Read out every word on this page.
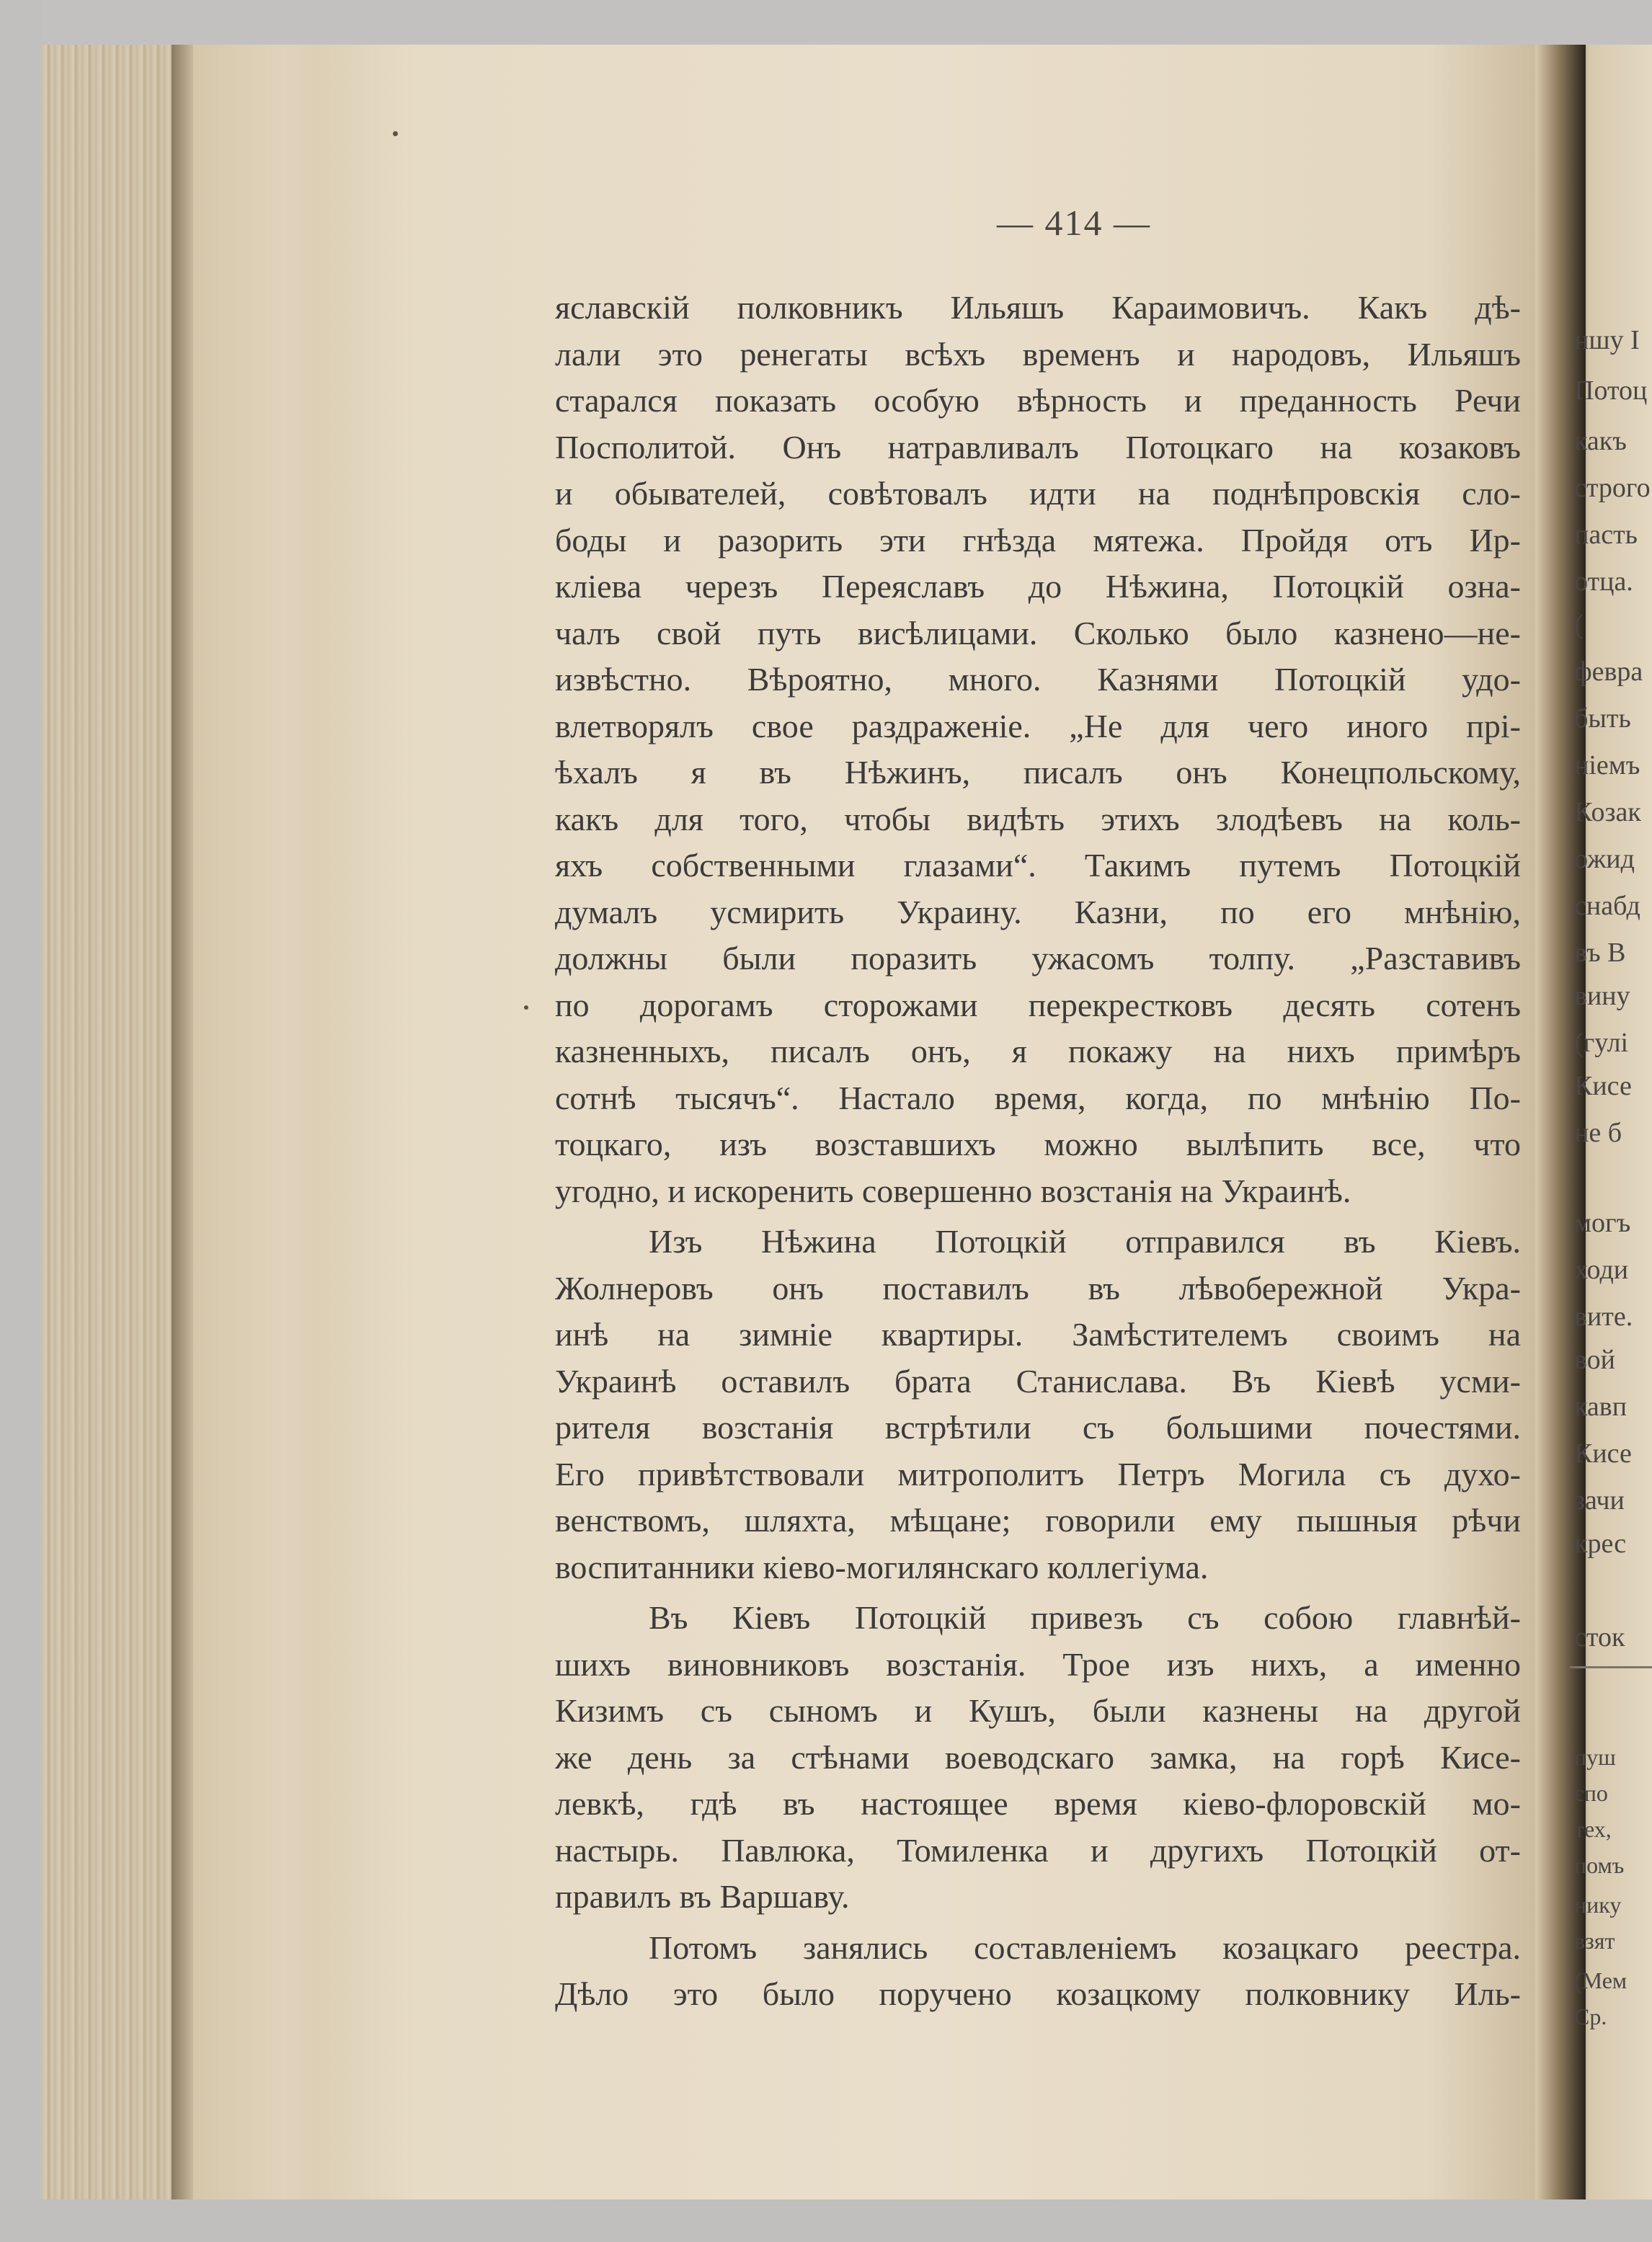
— 414 —
яславскій полковникъ Ильяшъ Караимовичъ. Какъ дѣ-
лали это ренегаты всѣхъ временъ и народовъ, Ильяшъ
старался показать особую вѣрность и преданность Речи
Посполитой. Онъ натравливалъ Потоцкаго на козаковъ
и обывателей, совѣтовалъ идти на поднѣпровскія сло-
боды и разорить эти гнѣзда мятежа. Пройдя отъ Ир-
клiева черезъ Переяславъ до Нѣжина, Потоцкій озна-
чалъ свой путь висѣлицами. Сколько было казнено—не-
извѣстно. Вѣроятно, много. Казнями Потоцкій удо-
влетворялъ свое раздраженіе. „Не для чего иного прі-
ѣхалъ я въ Нѣжинъ, писалъ онъ Конецпольскому,
какъ для того, чтобы видѣть этихъ злодѣевъ на коль-
яхъ собственными глазами“. Такимъ путемъ Потоцкій
думалъ усмирить Украину. Казни, по его мнѣнію,
должны были поразить ужасомъ толпу. „Разставивъ
по дорогамъ сторожами перекрестковъ десять сотенъ
казненныхъ, писалъ онъ, я покажу на нихъ примѣръ
сотнѣ тысячъ“. Настало время, когда, по мнѣнію По-
тоцкаго, изъ возставшихъ можно вылѣпить все, что
угодно, и искоренить совершенно возстанія на Украинѣ.
Изъ Нѣжина Потоцкій отправился въ Кіевъ.
Жолнеровъ онъ поставилъ въ лѣвобережной Укра-
инѣ на зимніе квартиры. Замѣстителемъ своимъ на
Украинѣ оставилъ брата Станислава. Въ Кіевѣ усми-
рителя возстанія встрѣтили съ большими почестями.
Его привѣтствовали митрополитъ Петръ Могила съ духо-
венствомъ, шляхта, мѣщане; говорили ему пышныя рѣчи
воспитанники кіево-могилянскаго коллегіума.
Въ Кіевъ Потоцкій привезъ съ собою главнѣй-
шихъ виновниковъ возстанія. Трое изъ нихъ, а именно
Кизимъ съ сыномъ и Кушъ, были казнены на другой
же день за стѣнами воеводскаго замка, на горѣ Кисе-
левкѣ, гдѣ въ настоящее время кіево-флоровскій мо-
настырь. Павлюка, Томиленка и другихъ Потоцкій от-
правилъ въ Варшаву.
Потомъ занялись составленіемъ козацкаго реестра.
Дѣло это было поручено козацкому полковнику Иль-
ншу I
Потоц
какъ
строго
пасть
отца.
(
февра
быть
ніемъ
Козак
ожид
снабд
въ В
вину
(гулі
Кисе
не б
могъ
ходи
вите.
вой
кавп
Кисе
зачи
крес
сток
пуш
єпо
тех,
помъ
нику
взят
(Мем
Ср.
